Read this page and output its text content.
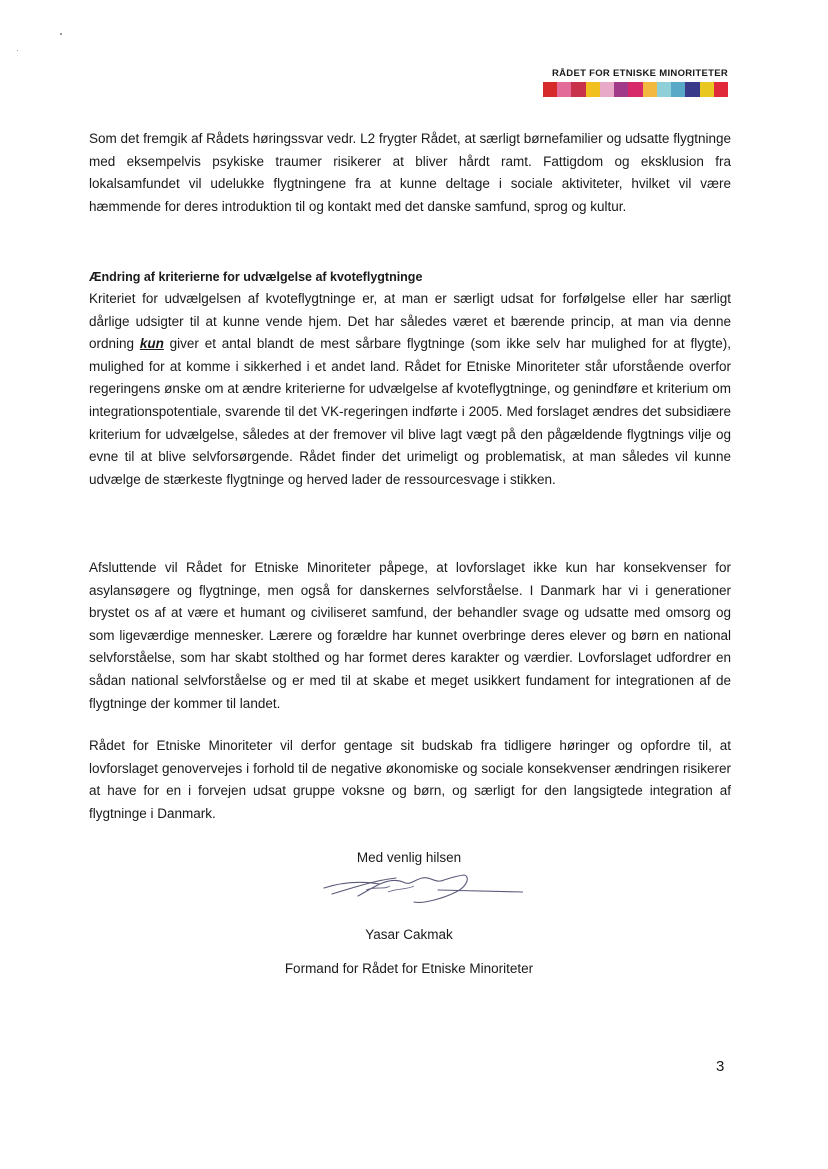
RÅDET FOR ETNISKE MINORITETER

Som det fremgik af Rådets høringssvar vedr. L2 frygter Rådet, at særligt børnefamilier og udsatte flygtninge med eksempelvis psykiske traumer risikerer at bliver hårdt ramt. Fattigdom og eksklusion fra lokalsamfundet vil udelukke flygtningene fra at kunne deltage i sociale aktiviteter, hvilket vil være hæmmende for deres introduktion til og kontakt med det danske samfund, sprog og kultur.

Ændring af kriterierne for udvælgelse af kvoteflygtninge

Kriteriet for udvælgelsen af kvoteflygtninge er, at man er særligt udsat for forfølgelse eller har særligt dårlige udsigter til at kunne vende hjem. Det har således været et bærende princip, at man via denne ordning kun giver et antal blandt de mest sårbare flygtninge (som ikke selv har mulighed for at flygte), mulighed for at komme i sikkerhed i et andet land. Rådet for Etniske Minoriteter står uforstående overfor regeringens ønske om at ændre kriterierne for udvælgelse af kvoteflygtninge, og genindføre et kriterium om integrationspotentiale, svarende til det VK-regeringen indførte i 2005. Med forslaget ændres det subsidiære kriterium for udvælgelse, således at der fremover vil blive lagt vægt på den pågældende flygtnings vilje og evne til at blive selvforsørgende. Rådet finder det urimeligt og problematisk, at man således vil kunne udvælge de stærkeste flygtninge og herved lader de ressourcesvage i stikken.

Afsluttende vil Rådet for Etniske Minoriteter påpege, at lovforslaget ikke kun har konsekvenser for asylansøgere og flygtninge, men også for danskernes selvforståelse. I Danmark har vi i generationer brystet os af at være et humant og civiliseret samfund, der behandler svage og udsatte med omsorg og som ligeværdige mennesker. Lærere og forældre har kunnet overbringe deres elever og børn en national selvforståelse, som har skabt stolthed og har formet deres karakter og værdier. Lovforslaget udfordrer en sådan national selvforståelse og er med til at skabe et meget usikkert fundament for integrationen af de flygtninge der kommer til landet.

Rådet for Etniske Minoriteter vil derfor gentage sit budskab fra tidligere høringer og opfordre til, at lovforslaget genovervejes i forhold til de negative økonomiske og sociale konsekvenser ændringen risikerer at have for en i forvejen udsat gruppe voksne og børn, og særligt for den langsigtede integration af flygtninge i Danmark.

Med venlig hilsen
Yasar Cakmak
Formand for Rådet for Etniske Minoriteter
3
